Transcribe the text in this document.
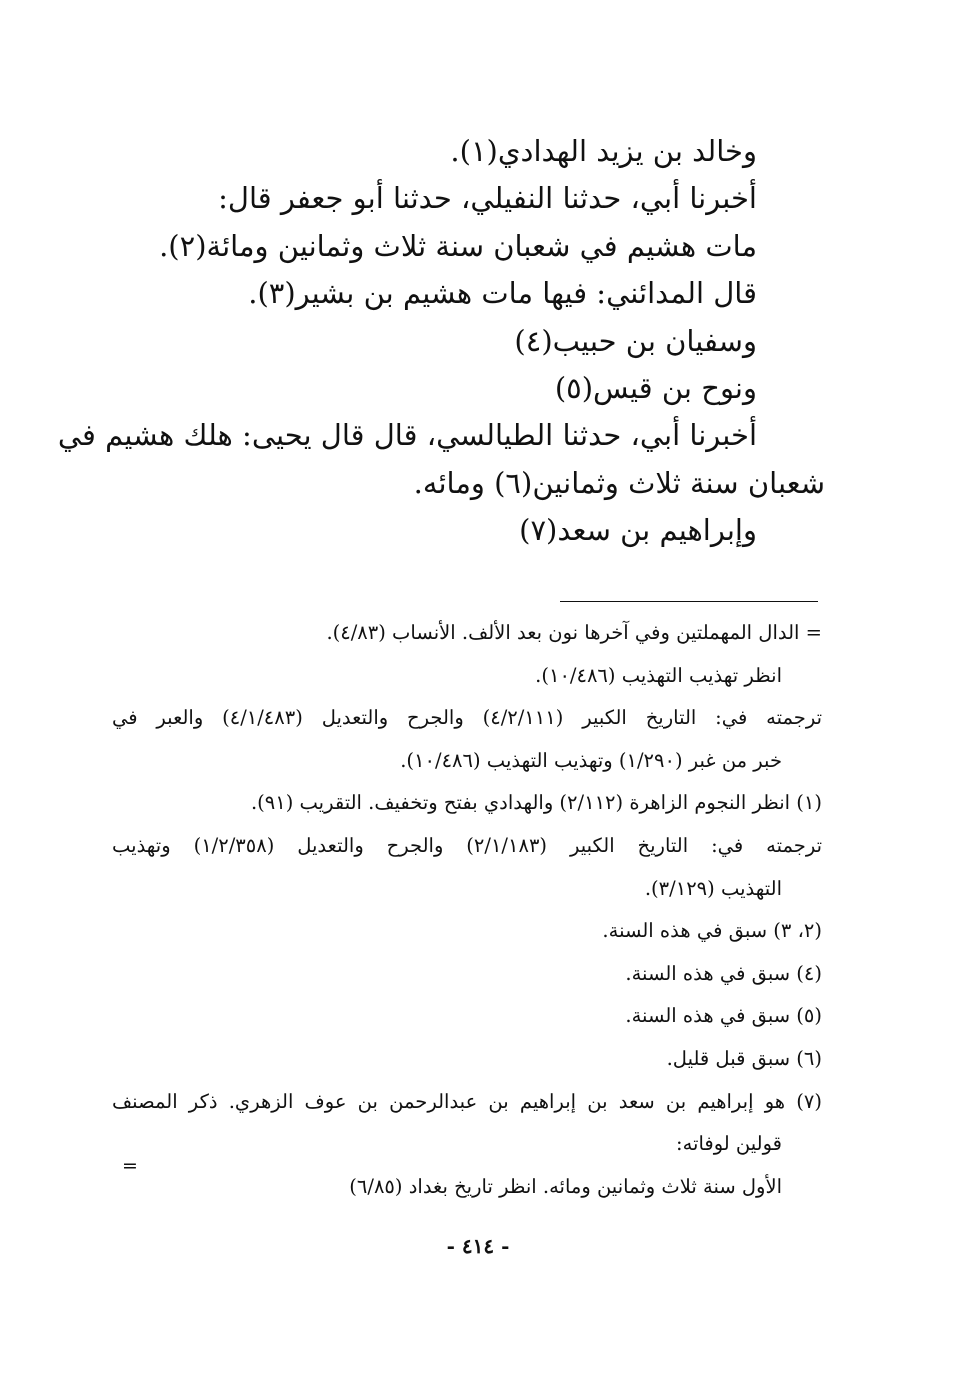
وخالد بن يزيد الهدادي(١).
أخبرنا أبي، حدثنا النفيلي، حدثنا أبو جعفر قال:
مات هشيم في شعبان سنة ثلاث وثمانين ومائة(٢).
قال المدائني: فيها مات هشيم بن بشير(٣).
وسفيان بن حبيب(٤)
ونوح بن قيس(٥)
أخبرنا أبي، حدثنا الطيالسي، قال قال يحيى: هلك هشيم في
شعبان سنة ثلاث وثمانين(٦) ومائه.
وإبراهيم بن سعد(٧)
= الدال المهملتين وفي آخرها نون بعد الألف. الأنساب (٤/٨٣).
انظر تهذيب التهذيب (١٠/٤٨٦).
ترجمته في: التاريخ الكبير (٤/٢/١١١) والجرح والتعديل (٤/١/٤٨٣) والعبر في
خبر من غبر (١/٢٩٠) وتهذيب التهذيب (١٠/٤٨٦).
(١) انظر النجوم الزاهرة (٢/١١٢) والهدادي بفتح وتخفيف. التقريب (٩١).
ترجمته في: التاريخ الكبير (٢/١/١٨٣) والجرح والتعديل (١/٢/٣٥٨) وتهذيب
التهذيب (٣/١٢٩).
(٢، ٣) سبق في هذه السنة.
(٤) سبق في هذه السنة.
(٥) سبق في هذه السنة.
(٦) سبق قبل قليل.
(٧) هو إبراهيم بن سعد بن إبراهيم بن عبدالرحمن بن عوف الزهري. ذكر المصنف
قولين لوفاته:
الأول سنة ثلاث وثمانين ومائه. انظر تاريخ بغداد (٦/٨٥)
=
- ٤١٤ -
